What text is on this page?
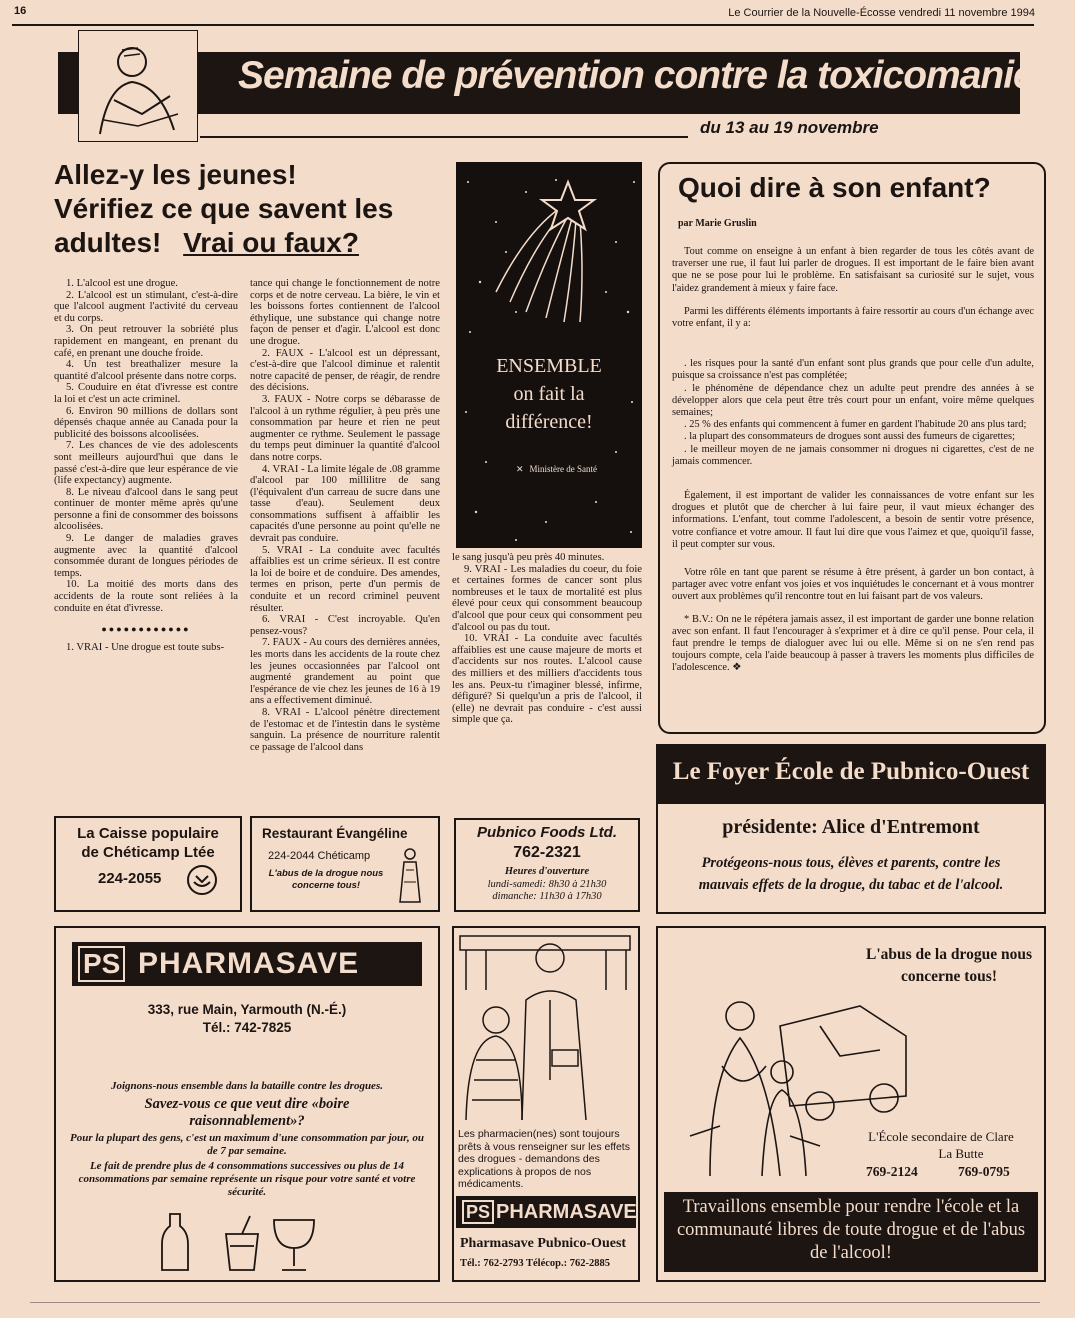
16	Le Courrier de la Nouvelle-Écosse vendredi 11 novembre 1994
Semaine de prévention contre la toxicomanie
du 13 au 19 novembre
Allez-y les jeunes!
Vérifiez ce que savent les
adultes! Vrai ou faux?

1. L'alcool est une drogue.

2. L'alcool est un stimulant, c'est-à-dire que l'alcool augment l'activité du cerveau et du corps.

3. On peut retrouver la sobriété plus rapidement en mangeant, en prenant du café, en prenant une douche froide.

4. Un test breathalizer mesure la quantité d'alcool présente dans notre corps.

5. Couduire en état d'ivresse est contre la loi et c'est un acte criminel.

6. Environ 90 millions de dollars sont dépensés chaque année au Canada pour la publicité des boissons alcoolisées.

7. Les chances de vie des adolescents sont meilleurs aujourd'hui que dans le passé c'est-à-dire que leur espérance de vie (life expectancy) augmente.

8. Le niveau d'alcool dans le sang peut continuer de monter même après qu'une personne a fini de consommer des boissons alcoolisées.

9. Le danger de maladies graves augmente avec la quantité d'alcool consommée durant de longues périodes de temps.

10. La moitié des morts dans des accidents de la route sont reliées à la conduite en état d'ivresse.

●●●●●●●●●●●●

1. VRAI - Une drogue est toute subs-

tance qui change le fonctionnement de notre corps et de notre cerveau. La bière, le vin et les boissons fortes contiennent de l'alcool éthylique, une substance qui change notre façon de penser et d'agir. L'alcool est donc une drogue.

2. FAUX - L'alcool est un dépressant, c'est-à-dire que l'alcool diminue et ralentit notre capacité de penser, de réagir, de rendre des décisions.

3. FAUX - Notre corps se débarasse de l'alcool à un rythme régulier, à peu près une consommation par heure et rien ne peut augmenter ce rythme. Seulement le passage du temps peut diminuer la quantité d'alcool dans notre corps.

4. VRAI - La limite légale de .08 gramme d'alcool par 100 millilitre de sang (l'équivalent d'un carreau de sucre dans une tasse d'eau). Seulement deux consommations suffisent à affaiblir les capacités d'une personne au point qu'elle ne devrait pas conduire.

5. VRAI - La conduite avec facultés affaiblies est un crime sérieux. Il est contre la loi de boire et de conduire. Des amendes, termes en prison, perte d'un permis de conduite et un record criminel peuvent résulter.

6. VRAI - C'est incroyable. Qu'en pensez-vous?

7. FAUX - Au cours des dernières années, les morts dans les accidents de la route chez les jeunes occasionnées par l'alcool ont augmenté grandement au point que l'espérance de vie chez les jeunes de 16 à 19 ans a effectivement diminué.

8. VRAI - L'alcool pénètre directement de l'estomac et de l'intestin dans le système sanguin. La présence de nourriture ralentit ce passage de l'alcool dans

ENSEMBLE
on fait la
différence!
✕ Ministère de Santé

le sang jusqu'à peu près 40 minutes.

9. VRAI - Les maladies du coeur, du foie et certaines formes de cancer sont plus nombreuses et le taux de mortalité est plus élevé pour ceux qui consomment beaucoup d'alcool que pour ceux qui consomment peu d'alcool ou pas du tout.

10. VRAI - La conduite avec facultés affaiblies est une cause majeure de morts et d'accidents sur nos routes. L'alcool cause des milliers et des milliers d'accidents tous les ans. Peux-tu t'imaginer blessé, infirme, défiguré? Si quelqu'un a pris de l'alcool, il (elle) ne devrait pas conduire - c'est aussi simple que ça.

Quoi dire à son enfant?
par Marie Gruslin

Tout comme on enseigne à un enfant à bien regarder de tous les côtés avant de traverser une rue, il faut lui parler de drogues. Il est important de le faire bien avant que ne se pose pour lui le problème. En satisfaisant sa curiosité sur le sujet, vous l'aidez grandement à mieux y faire face.

Parmi les différents éléments importants à faire ressortir au cours d'un échange avec votre enfant, il y a:

. les risques pour la santé d'un enfant sont plus grands que pour celle d'un adulte, puisque sa croissance n'est pas complétée;

. le phénomène de dépendance chez un adulte peut prendre des années à se développer alors que cela peut être très court pour un enfant, voire même quelques semaines;

. 25 % des enfants qui commencent à fumer en gardent l'habitude 20 ans plus tard;

. la plupart des consommateurs de drogues sont aussi des fumeurs de cigarettes;

. le meilleur moyen de ne jamais consommer ni drogues ni cigarettes, c'est de ne jamais commencer.

Également, il est important de valider les connaissances de votre enfant sur les drogues et plutôt que de chercher à lui faire peur, il vaut mieux échanger des informations. L'enfant, tout comme l'adolescent, a besoin de sentir votre présence, votre confiance et votre amour. Il faut lui dire que vous l'aimez et que, quoiqu'il fasse, il peut compter sur vous.

Votre rôle en tant que parent se résume à être présent, à garder un bon contact, à partager avec votre enfant vos joies et vos inquiétudes le concernant et à vous montrer ouvert aux problèmes qu'il rencontre tout en lui faisant part de vos valeurs.

* B.V.: On ne le répétera jamais assez, il est important de garder une bonne relation avec son enfant. Il faut l'encourager à s'exprimer et à dire ce qu'il pense. Pour cela, il faut prendre le temps de dialoguer avec lui ou elle. Même si on ne s'en rend pas toujours compte, cela l'aide beaucoup à passer à travers les moments plus difficiles de l'adolescence. ❖

Le Foyer École de Pubnico-Ouest
présidente: Alice d'Entremont
Protégeons-nous tous, élèves et parents, contre les mauvais effets de la drogue, du tabac et de l'alcool.
La Caisse populaire
de Chéticamp Ltée
224-2055
Restaurant Évangéline
224-2044 Chéticamp
L'abus de la drogue nous concerne tous!
Pubnico Foods Ltd.
762-2321
Heures d'ouverture
lundi-samedi: 8h30 à 21h30
dimanche: 11h30 à 17h30
PS PHARMASAVE
333, rue Main, Yarmouth (N.-É.)
Tél.: 742-7825
Joignons-nous ensemble dans la bataille contre les drogues.
Savez-vous ce que veut dire «boire raisonnablement»?
Pour la plupart des gens, c'est un maximum d'une consommation par jour, ou de 7 par semaine.
Le fait de prendre plus de 4 consommations successives ou plus de 14 consommations par semaine représente un risque pour votre santé et votre sécurité.
Les pharmacien(nes) sont toujours prêts à vous renseigner sur les effets des drogues - demandons des explications à propos de nos médicaments.
PS PHARMASAVE
Pharmasave Pubnico-Ouest
Tél.: 762-2793 Télécop.: 762-2885
L'abus de la drogue nous concerne tous!
L'École secondaire de Clare
La Butte
769-2124	769-0795
Travaillons ensemble pour rendre l'école et la communauté libres de toute drogue et de l'abus de l'alcool!
